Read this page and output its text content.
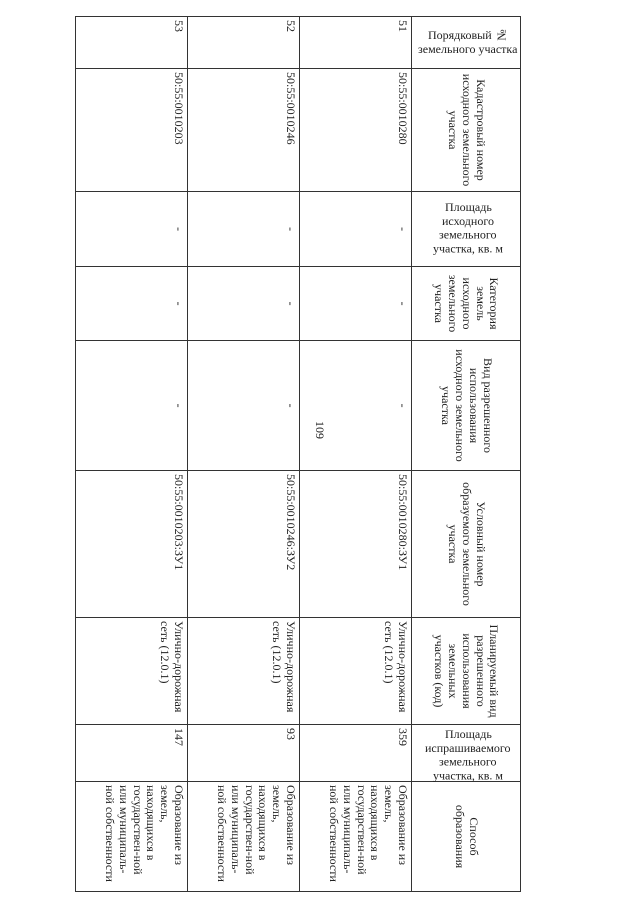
109
Порядковый № земельного участка	Кадастровый номер исходного земельного участка	Площадь исходного земельного участка, кв. м	Категория земель исходного земельного участка	Вид разрешенного использования исходного земельного участка	Условный номер образуемого земельного участка	Планируемый вид разрешенного использования земельных участков (код)	Площадь испрашиваемого земельного участка, кв. м	Способ образования
51	50:55:0010280	-	-	-	50:55:0010280:ЗУ1	Улично-дорожная сеть (12.0.1)	359	Образование из земель, находящихся в государствен-ной или муниципаль-ной собственности
52	50:55:0010246	-	-	-	50:55:0010246:ЗУ2	Улично-дорожная сеть (12.0.1)	93	Образование из земель, находящихся в государствен-ной или муниципаль-ной собственности
53	50:55:0010203	-	-	-	50:55:0010203:ЗУ1	Улично-дорожная сеть (12.0.1)	147	Образование из земель, находящихся в государствен-ной или муниципаль-ной собственности
